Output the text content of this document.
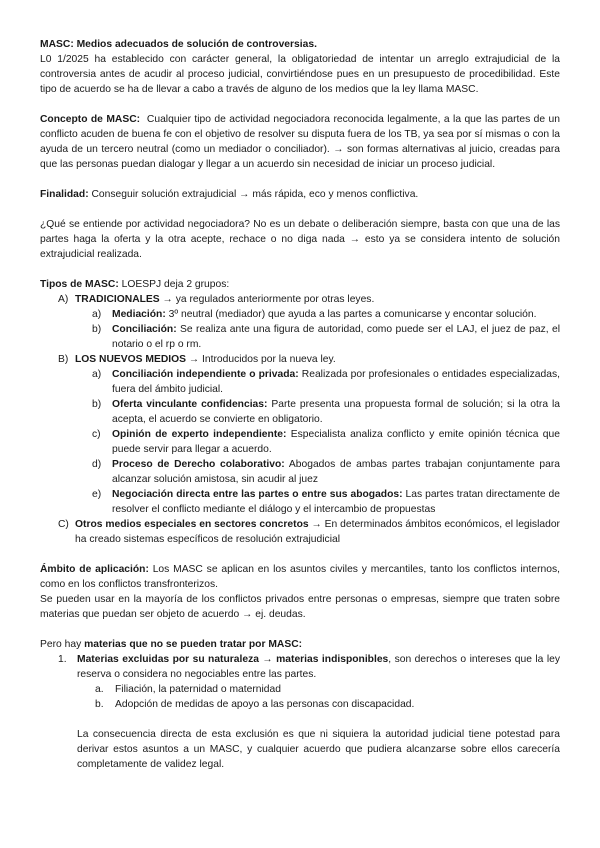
MASC: Medios adecuados de solución de controversias.

L0 1/2025 ha establecido con carácter general, la obligatoriedad de intentar un arreglo extrajudicial de la controversia antes de acudir al proceso judicial, convirtiéndose pues en un presupuesto de procedibilidad. Este tipo de acuerdo se ha de llevar a cabo a través de alguno de los medios que la ley llama MASC.

Concepto de MASC: Cualquier tipo de actividad negociadora reconocida legalmente, a la que las partes de un conflicto acuden de buena fe con el objetivo de resolver su disputa fuera de los TB, ya sea por sí mismas o con la ayuda de un tercero neutral (como un mediador o conciliador). → son formas alternativas al juicio, creadas para que las personas puedan dialogar y llegar a un acuerdo sin necesidad de iniciar un proceso judicial.

Finalidad: Conseguir solución extrajudicial → más rápida, eco y menos conflictiva.

¿Qué se entiende por actividad negociadora? No es un debate o deliberación siempre, basta con que una de las partes haga la oferta y la otra acepte, rechace o no diga nada → esto ya se considera intento de solución extrajudicial realizada.

Tipos de MASC: LOESPJ deja 2 grupos:

A) TRADICIONALES → ya regulados anteriormente por otras leyes.
a)	Mediación: 3º neutral (mediador) que ayuda a las partes a comunicarse y encontar solución.
b)	Conciliación: Se realiza ante una figura de autoridad, como puede ser el LAJ, el juez de paz, el notario o el rp o rm.
B) LOS NUEVOS MEDIOS → Introducidos por la nueva ley.
a)	Conciliación independiente o privada: Realizada por profesionales o entidades especializadas, fuera del ámbito judicial.
b)	Oferta vinculante confidencias: Parte presenta una propuesta formal de solución; si la otra la acepta, el acuerdo se convierte en obligatorio.
c)	Opinión de experto independiente: Especialista analiza conflicto y emite opinión técnica que puede servir para llegar a acuerdo.
d)	Proceso de Derecho colaborativo: Abogados de ambas partes trabajan conjuntamente para alcanzar solución amistosa, sin acudir al juez
e)	Negociación directa entre las partes o entre sus abogados: Las partes tratan directamente de resolver el conflicto mediante el diálogo y el intercambio de propuestas
C) Otros medios especiales en sectores concretos → En determinados ámbitos económicos, el legislador ha creado sistemas específicos de resolución extrajudicial

Ámbito de aplicación: Los MASC se aplican en los asuntos civiles y mercantiles, tanto los conflictos internos, como en los conflictos transfronterizos.

Se pueden usar en la mayoría de los conflictos privados entre personas o empresas, siempre que traten sobre materias que puedan ser objeto de acuerdo → ej. deudas.

Pero hay materias que no se pueden tratar por MASC:

1.	Materias excluidas por su naturaleza → materias indisponibles, son derechos o intereses que la ley reserva o considera no negociables entre las partes.
a.	Filiación, la paternidad o maternidad
b.	Adopción de medidas de apoyo a las personas con discapacidad.

La consecuencia directa de esta exclusión es que ni siquiera la autoridad judicial tiene potestad para derivar estos asuntos a un MASC, y cualquier acuerdo que pudiera alcanzarse sobre ellos carecería completamente de validez legal.
